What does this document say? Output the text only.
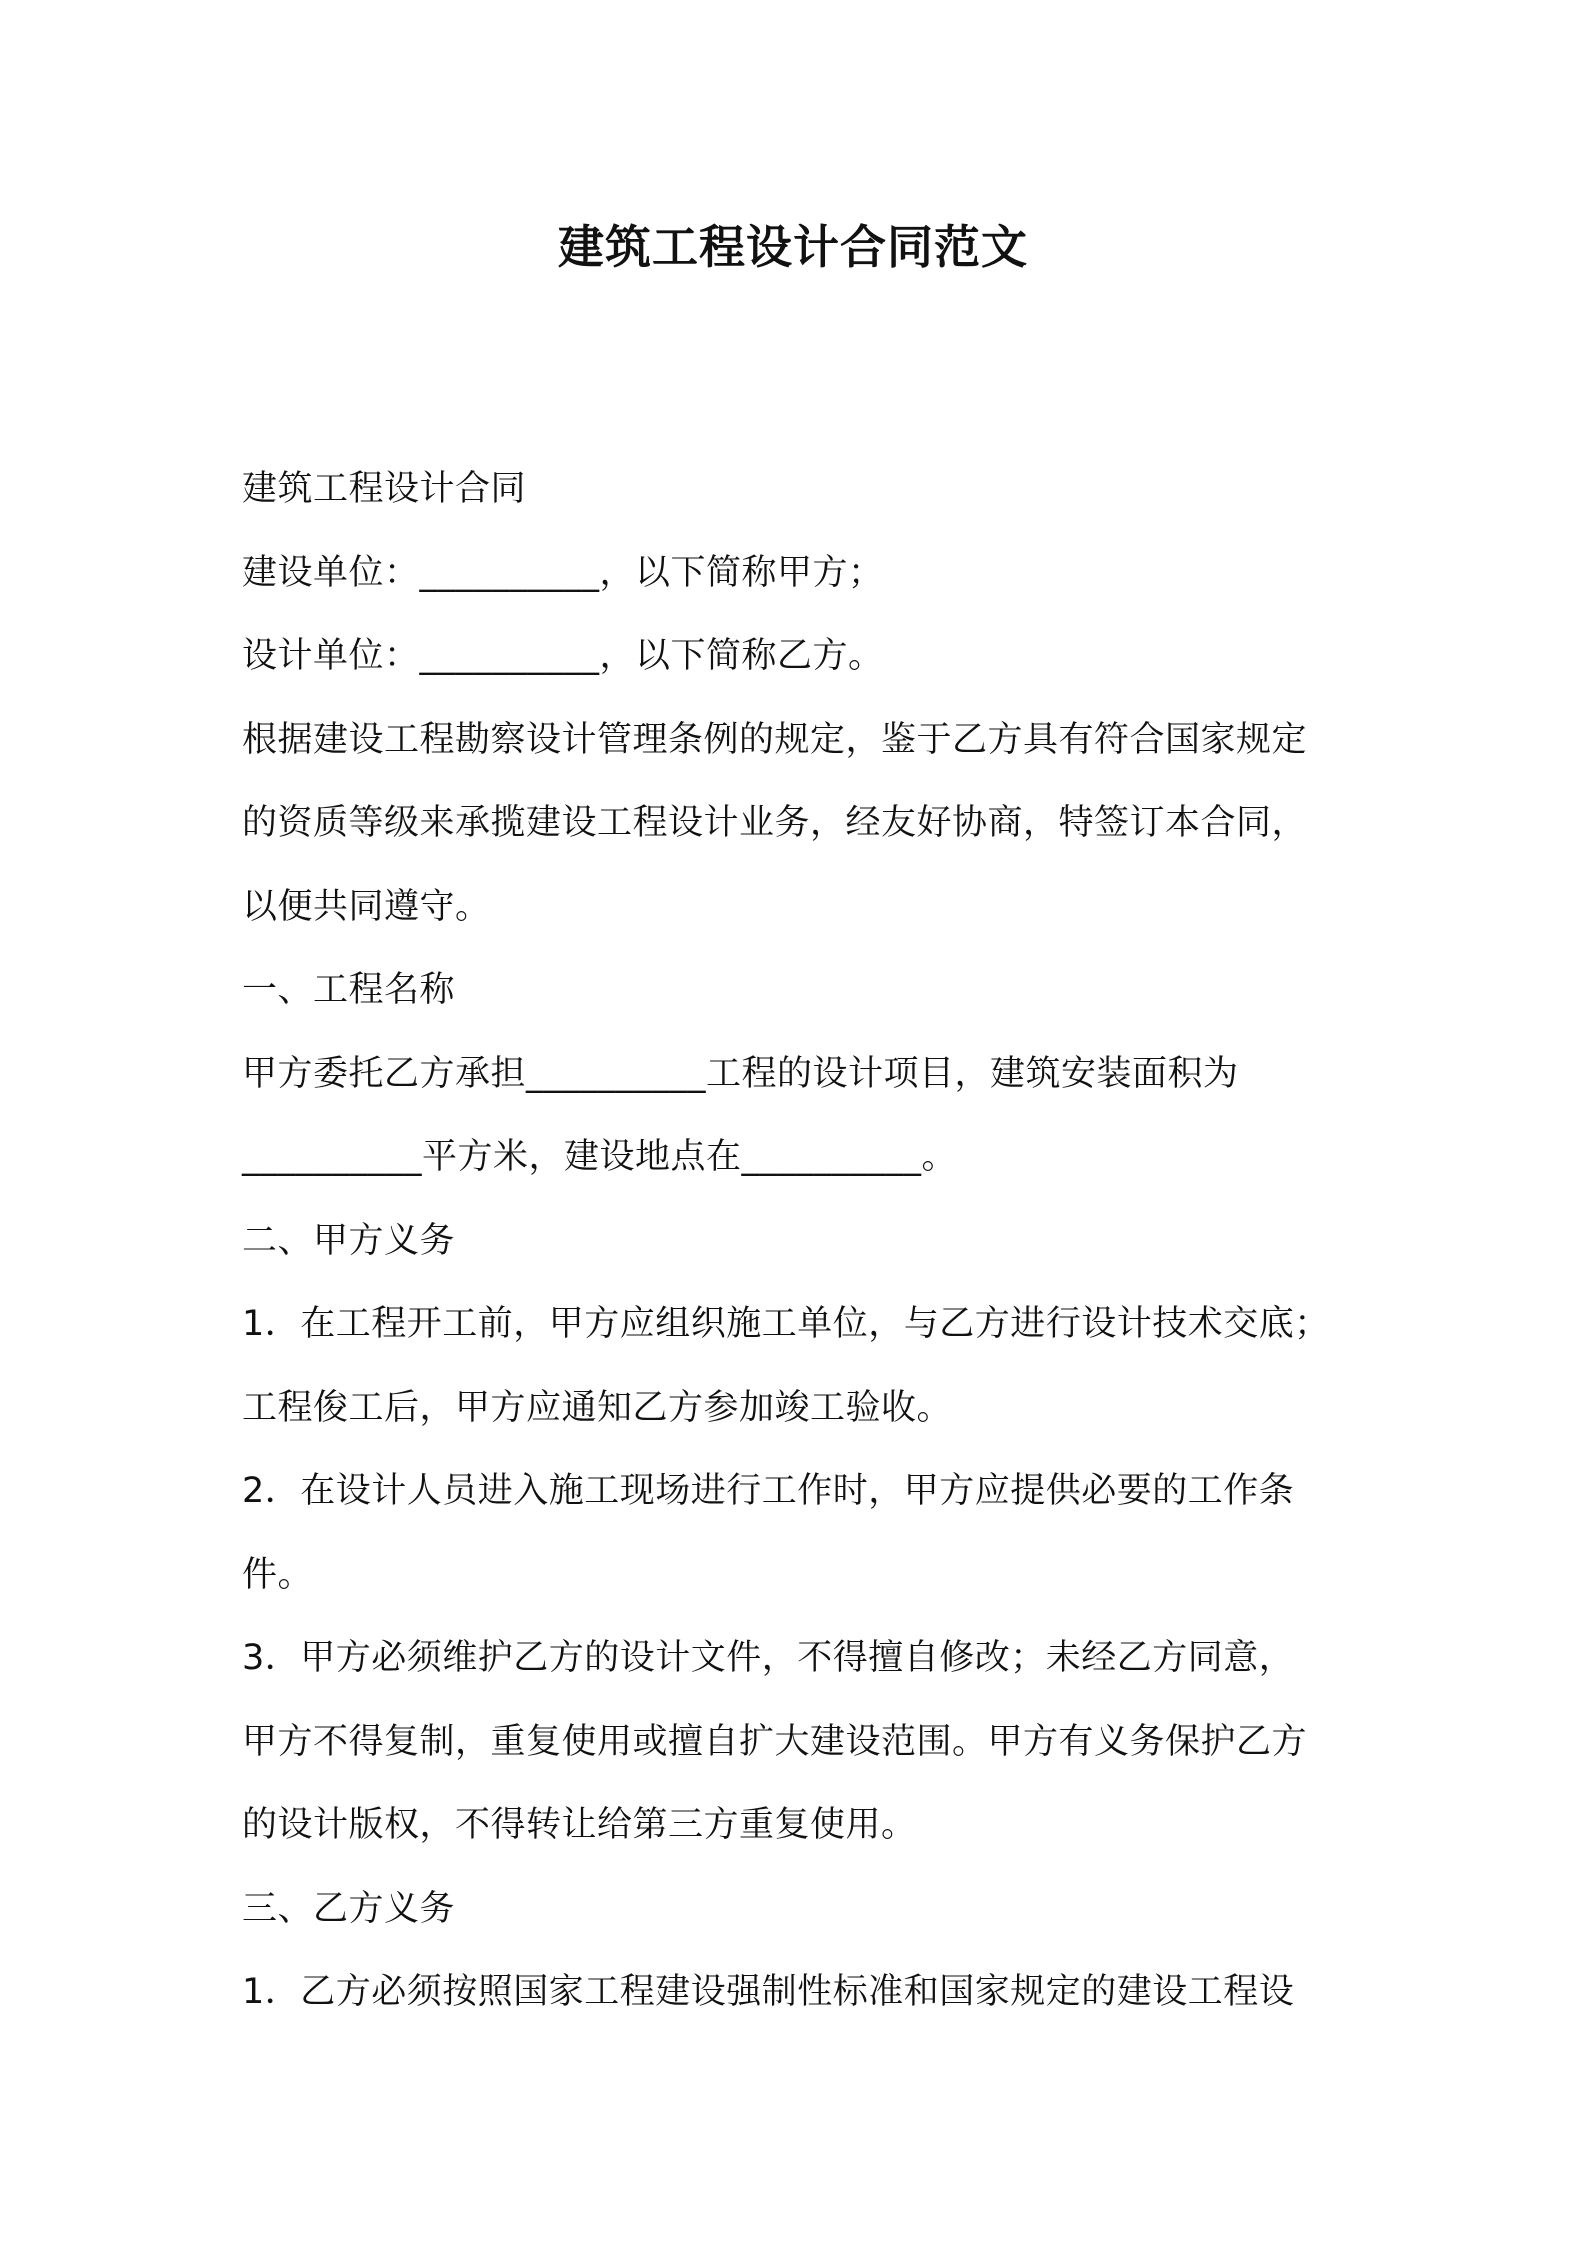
建筑工程设计合同范文
建筑工程设计合同
建设单位：__________，以下简称甲方；
设计单位：__________，以下简称乙方。
根据建设工程勘察设计管理条例的规定，鉴于乙方具有符合国家规定
的资质等级来承揽建设工程设计业务，经友好协商，特签订本合同，
以便共同遵守。
一、工程名称
甲方委托乙方承担__________工程的设计项目，建筑安装面积为
__________平方米，建设地点在__________。
二、甲方义务
1．在工程开工前，甲方应组织施工单位，与乙方进行设计技术交底；
工程俊工后，甲方应通知乙方参加竣工验收。
2．在设计人员进入施工现场进行工作时，甲方应提供必要的工作条
件。
3．甲方必须维护乙方的设计文件，不得擅自修改；未经乙方同意，
甲方不得复制，重复使用或擅自扩大建设范围。甲方有义务保护乙方
的设计版权，不得转让给第三方重复使用。
三、乙方义务
1．乙方必须按照国家工程建设强制性标准和国家规定的建设工程设
